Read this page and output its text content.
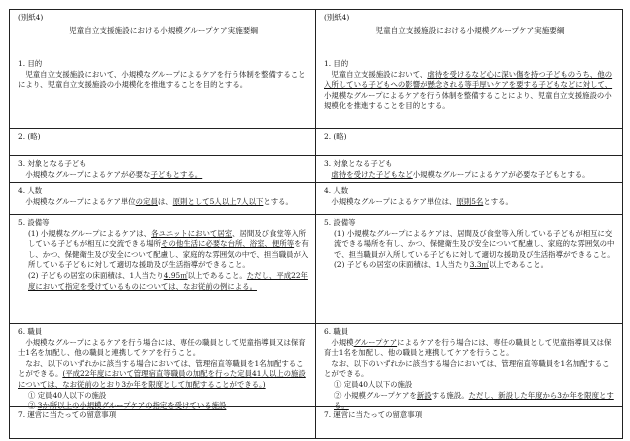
(別紙4)
児童自立支援施設における小規模グループケア実施要綱
1. 目的
児童自立支援施設において、小規模なグループによるケアを行う体制を整備することにより、児童自立支援施設の小規模化を推進することを目的とする。
2. (略)
3. 対象となる子ども
小規模なグループによるケアが必要な子どもとする。
4. 人数
小規模なグループによるケア単位の定員は、原則として5人以上7人以下とする。
5. 設備等
(1) 小規模なグループによるケアは、各ユニットにおいて居室、居間及び食堂等入所している子どもが相互に交流できる場所その他生活に必要な台所、浴室、便所等を有し、かつ、保健衛生及び安全について配慮し、家庭的な雰囲気の中で、担当職員が入所している子どもに対して適切な援助及び生活指導ができること。
(2) 子どもの居室の床面積は、1人当たり4.95㎡以上であること。ただし、平成22年度において指定を受けているものについては、なお従前の例による。
6. 職員
小規模なグループによるケアを行う場合には、専任の職員として児童指導員又は保育士1名を加配し、他の職員と連携してケアを行うこと。
なお、以下のいずれかに該当する場合においては、管理宿直等職員を1名加配することができる。(平成22年度において管理宿直等職員の加配を行った定員41人以上の施設については、なお従前のとおり3か年を限度として加配することができる。)
① 定員40人以下の施設
② 3か所以上の小規模グループケアの指定を受けている施設
7. 運営に当たっての留意事項
(別紙4)
児童自立支援施設における小規模グループケア実施要綱
1. 目的
児童自立支援施設において、虐待を受けるなど心に深い傷を持つ子どものうち、他の入所している子どもへの影響が懸念される等手厚いケアを要する子どもなどに対して、小規模なグループによるケアを行う体制を整備することにより、児童自立支援施設の小規模化を推進することを目的とする。
2. (略)
3. 対象となる子ども
虐待を受けた子どもなど小規模なグループによるケアが必要な子どもとする。
4. 人数
小規模なグループによるケア単位は、原則5名とする。
5. 設備等
(1) 小規模なグループによるケアは、居間及び食堂等入所している子どもが相互に交流できる場所を有し、かつ、保健衛生及び安全について配慮し、家庭的な雰囲気の中で、担当職員が入所している子どもに対して適切な援助及び生活指導ができること。
(2) 子どもの居室の床面積は、1人当たり3.3㎡以上であること。
6. 職員
小規模グループケアによるケアを行う場合には、専任の職員として児童指導員又は保育士1名を加配し、他の職員と連携してケアを行うこと。
なお、以下のいずれかに該当する場合においては、管理宿直等職員を1名加配することができる。
① 定員40人以下の施設
② 小規模グループケアを新設する施設。ただし、新設した年度から3か年を限度とする。
7. 運営に当たっての留意事項
